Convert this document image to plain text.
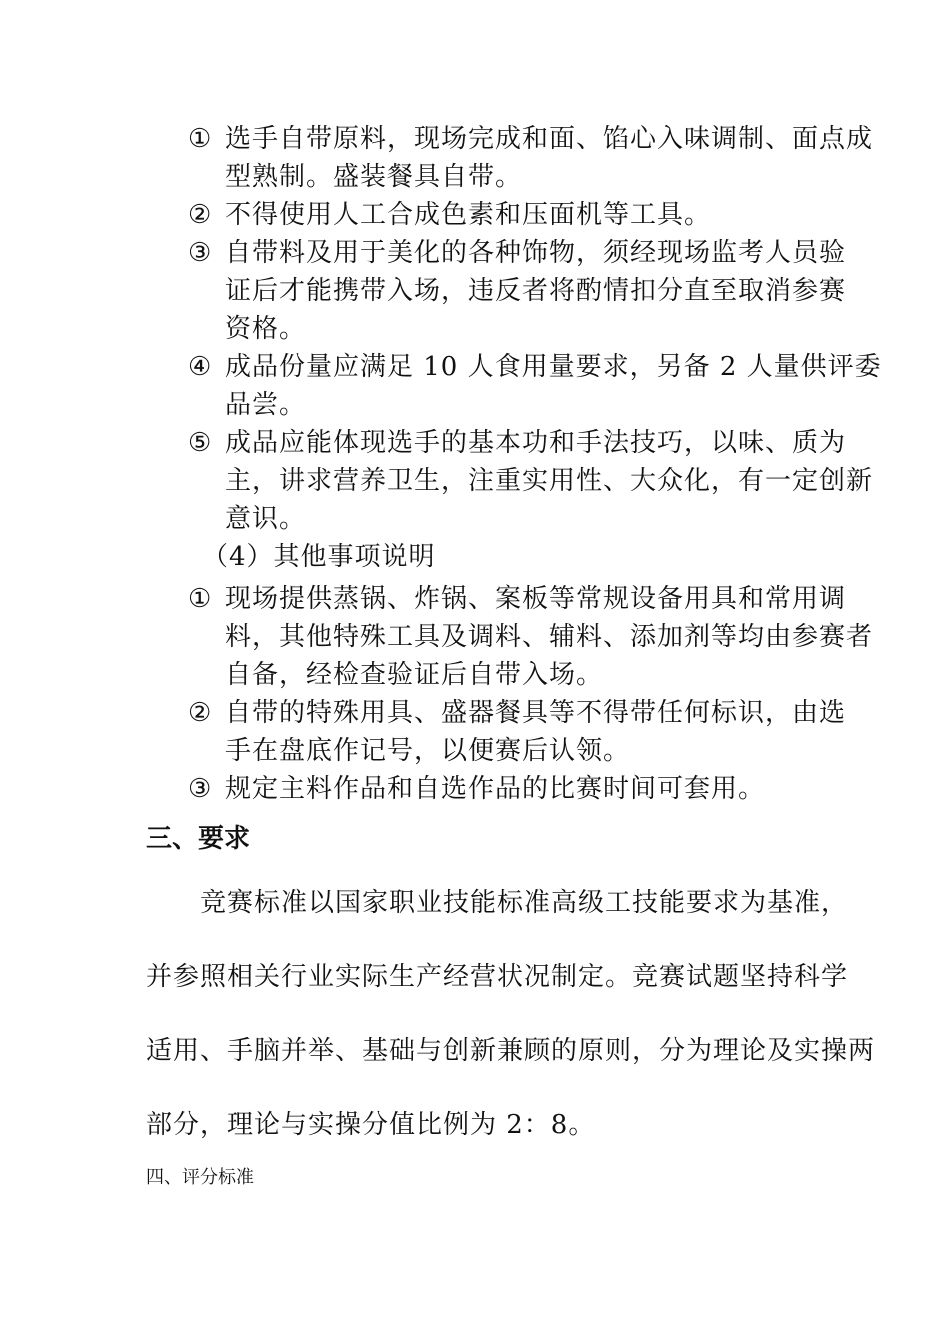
① 选手自带原料，现场完成和面、馅心入味调制、面点成
型熟制。盛装餐具自带。
② 不得使用人工合成色素和压面机等工具。
③ 自带料及用于美化的各种饰物，须经现场监考人员验
证后才能携带入场，违反者将酌情扣分直至取消参赛
资格。
④ 成品份量应满足 10 人食用量要求，另备 2 人量供评委
品尝。
⑤ 成品应能体现选手的基本功和手法技巧，以味、质为
主，讲求营养卫生，注重实用性、大众化，有一定创新
意识。
（4）其他事项说明
① 现场提供蒸锅、炸锅、案板等常规设备用具和常用调
料，其他特殊工具及调料、辅料、添加剂等均由参赛者
自备，经检查验证后自带入场。
② 自带的特殊用具、盛器餐具等不得带任何标识，由选
手在盘底作记号，以便赛后认领。
③ 规定主料作品和自选作品的比赛时间可套用。
三、要求
　　竞赛标准以国家职业技能标准高级工技能要求为基准，
并参照相关行业实际生产经营状况制定。竞赛试题坚持科学
适用、手脑并举、基础与创新兼顾的原则，分为理论及实操两
部分，理论与实操分值比例为 2：8。
四、评分标准
